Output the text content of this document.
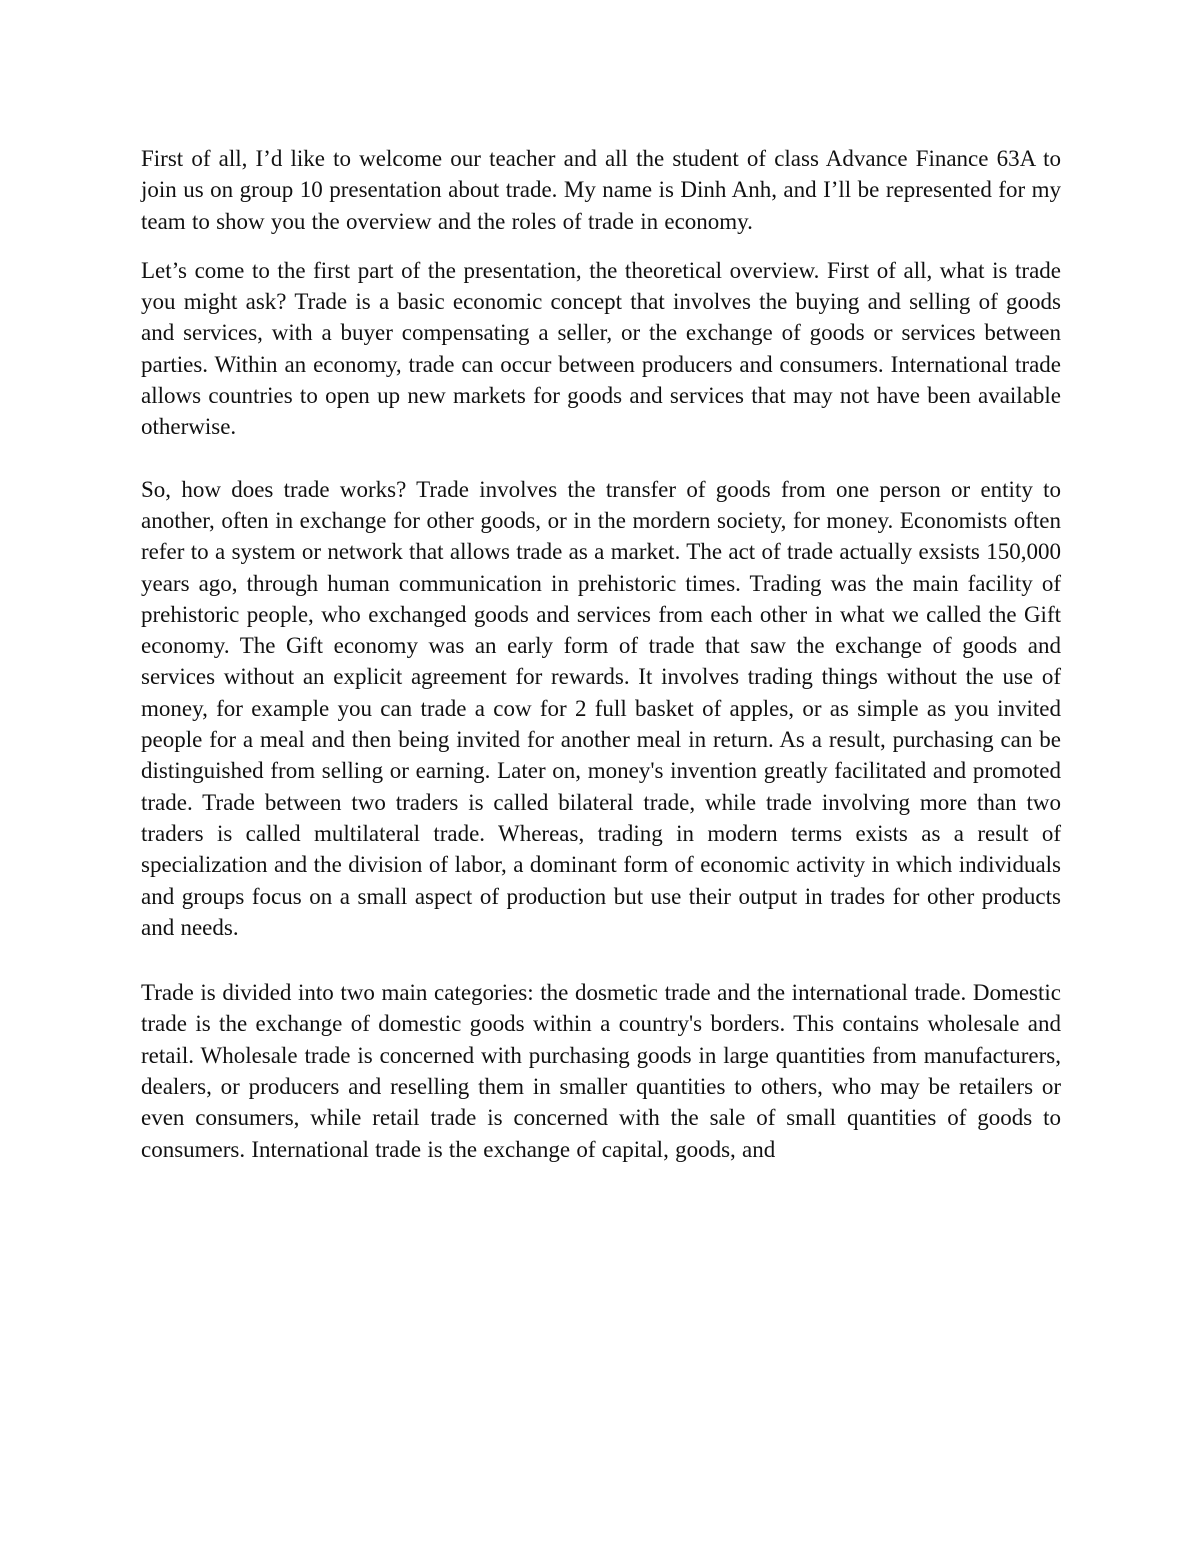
First of all, I’d like to welcome our teacher and all the student of class Advance Finance 63A to join us on group 10 presentation about trade. My name is Dinh Anh, and I’ll be represented for my team to show you the overview and the roles of trade in economy.

Let’s come to the first part of the presentation, the theoretical overview. First of all, what is trade you might ask? Trade is a basic economic concept that involves the buying and selling of goods and services, with a buyer compensating a seller, or the exchange of goods or services between parties. Within an economy, trade can occur between producers and consumers. International trade allows countries to open up new markets for goods and services that may not have been available otherwise.

So, how does trade works? Trade involves the transfer of goods from one person or entity to another, often in exchange for other goods, or in the mordern society, for money. Economists often refer to a system or network that allows trade as a market. The act of trade actually exsists 150,000 years ago, through human communication in prehistoric times. Trading was the main facility of prehistoric people, who exchanged goods and services from each other in what we called the Gift economy. The Gift economy was an early form of trade that saw the exchange of goods and services without an explicit agreement for rewards. It involves trading things without the use of money, for example you can trade a cow for 2 full basket of apples, or as simple as you invited people for a meal and then being invited for another meal in return. As a result, purchasing can be distinguished from selling or earning. Later on, money's invention greatly facilitated and promoted trade. Trade between two traders is called bilateral trade, while trade involving more than two traders is called multilateral trade. Whereas, trading in modern terms exists as a result of specialization and the division of labor, a dominant form of economic activity in which individuals and groups focus on a small aspect of production but use their output in trades for other products and needs.

Trade is divided into two main categories: the dosmetic trade and the international trade. Domestic trade is the exchange of domestic goods within a country's borders. This contains wholesale and retail. Wholesale trade is concerned with purchasing goods in large quantities from manufacturers, dealers, or producers and reselling them in smaller quantities to others, who may be retailers or even consumers, while retail trade is concerned with the sale of small quantities of goods to consumers. International trade is the exchange of capital, goods, and
